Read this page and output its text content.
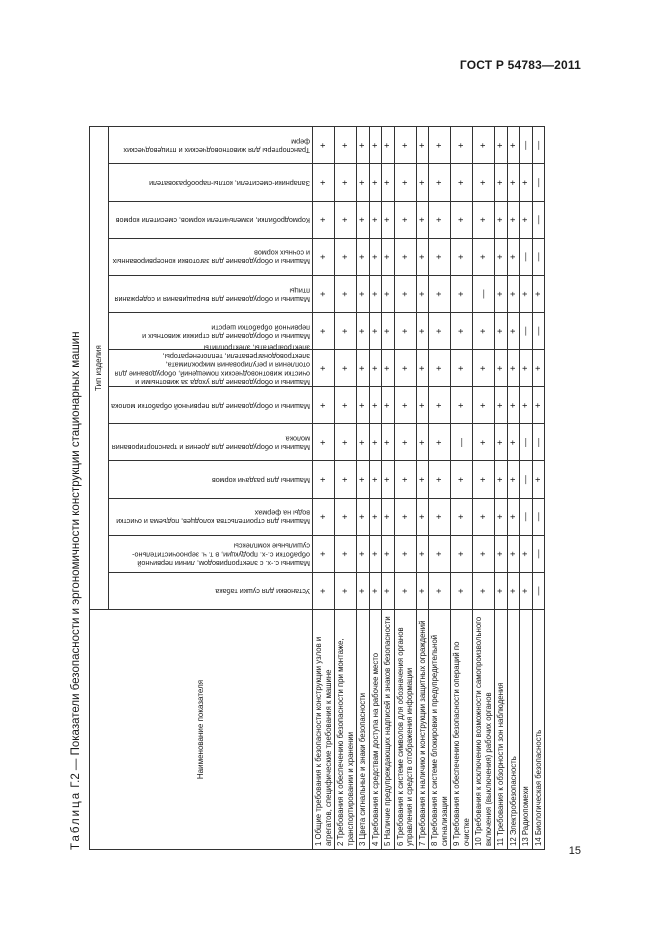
ГОСТ Р 54783—2011
Таблица Г.2 — Показатели безопасности и эргономичности конструкции стационарных машин	Наименование показателя	Тип изделия												

	Установки для сушки табака	Машины с.-х. с электроприводом, линии первичной обработки с.-х. продукции, в т. ч. зерноочистительно-сушильные комплексы	Машины для строительства колодцев, подъема и очистки воды на фермах	Машины для раздачи кормов	Машины и оборудование для доения и транспортирования молока	Машины и оборудование для первичной обработки молока	Машины и оборудование для ухода за животными и очистки животноводческих помещений, оборудование для отопления и регулирования микроклимата, электроводонагреватели, теплогенераторы, электроагрегаты, электроплиты	Машины и оборудование для стрижки животных и первичной обработки шерсти	Машины и оборудование для выращивания и содержания птицы	Машины и оборудование для заготовки консервированных и сочных кормов	Кормодробилки, измельчители кормов, смесители кормов	Запарники-смесители, котлы-парообразователи	Транспортеры для животноводческих и птицеводческих ферм

1 Общие требования к безопасности конструкции узлов и агрегатов, специфические требования к машине	+	+	+	+	+	+	+	+	+	+	+	+	+
2 Требования к обеспечению безопасности при монтаже, транспортировании и хранении	+	+	+	+	+	+	+	+	+	+	+	+	+
3 Цвета сигнальные и знаки безопасности	+	+	+	+	+	+	+	+	+	+	+	+	+
4 Требования к средствам доступа на рабочее место	+	+	+	+	+	+	+	+	+	+	+	+	+
5 Наличие предупреждающих надписей и знаков безопасности	+	+	+	+	+	+	+	+	+	+	+	+	+
6 Требования к системе символов для обозначения органов управления и средств отображения информации	+	+	+	+	+	+	+	+	+	+	+	+	+
7 Требования к наличию и конструкции защитных ограждений	+	+	+	+	+	+	+	+	+	+	+	+	+
8 Требования к системе блокировки и предупредительной сигнализации	+	+	+	+	+	+	+	+	+	+	+	+	+
9 Требования к обеспечению безопасности операций по очистке	+	+	+	+	—	+	+	+	+	+	+	+	+
10 Требования к исключению возможности самопроизвольного включения (выключения) рабочих органов	+	+	+	+	+	+	+	+	—	+	+	+	+
11 Требования к обзорности зон наблюдения	+	+	+	+	+	+	+	+	+	+	+	+	+
12 Электробезопасность	+	+	+	+	+	+	+	+	+	+	+	+	+
13 Радиопомехи	+	+	—	—	—	+	+	—	+	—	+	+	—
14 Биологическая безопасность	—	—	—	+	—	+	+	—	+	—	—	—	—
15
